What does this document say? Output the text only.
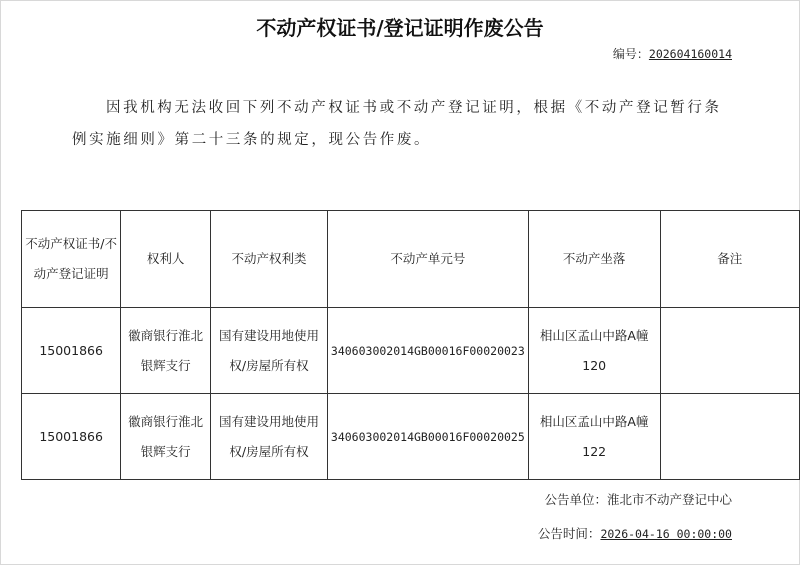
不动产权证书/登记证明作废公告
编号：202604160014
因我机构无法收回下列不动产权证书或不动产登记证明，根据《不动产登记暂行条例实施细则》第二十三条的规定，现公告作废。
不动产权证书/不动产登记证明	权利人	不动产权利类	不动产单元号	不动产坐落	备注
15001866	徽商银行淮北银辉支行	国有建设用地使用权/房屋所有权	340603002014GB00016F00020023	相山区孟山中路A幢120	
15001866	徽商银行淮北银辉支行	国有建设用地使用权/房屋所有权	340603002014GB00016F00020025	相山区孟山中路A幢122	
公告单位：淮北市不动产登记中心
公告时间：2026-04-16 00:00:00
